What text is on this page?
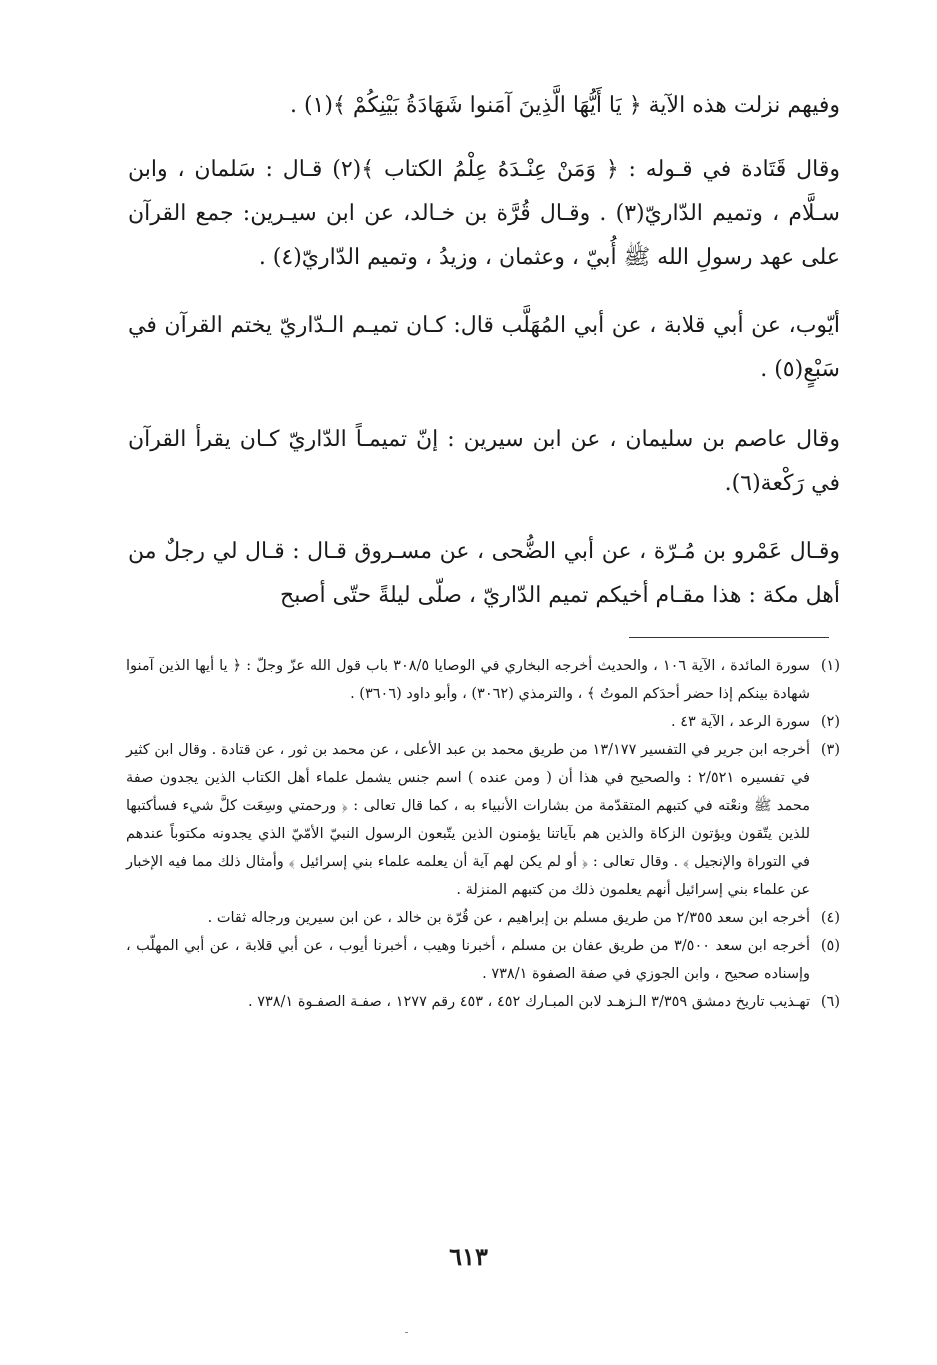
وفيهم نزلت هذه الآية ﴿ يَا أَيُّهَا الَّذِينَ آمَنوا شَهَادَةُ بَيْنِكُمْ ﴾(١) .

وقال قَتَادة في قـوله : ﴿ وَمَنْ عِنْـدَهُ عِلْمُ الكتاب ﴾(٢) قـال : سَلمان ، وابن سـلَّام ، وتميم الدّاريّ(٣) . وقـال قُرَّة بن خـالد، عن ابن سيـرين: جمع القرآن على عهد رسولِ الله ﷺ أُبيّ ، وعثمان ، وزيدُ ، وتميم الدّاريّ(٤) .

أيّوب، عن أبي قلابة ، عن أبي المُهَلَّب قال: كـان تميـم الـدّاريّ يختم القرآن في سَبْعٍ(٥) .

وقال عاصم بن سليمان ، عن ابن سيرين : إنّ تميمـاً الدّاريّ كـان يقرأ القرآن في رَكْعة(٦).

وقـال عَمْرو بن مُـرّة ، عن أبي الضُّحى ، عن مسـروق قـال : قـال لي رجلٌ من أهل مكة : هذا مقـام أخيكم تميم الدّاريّ ، صلّى ليلةً حتّى أصبح

(١)
سورة المائدة ، الآية ١٠٦ ، والحديث أخرجه البخاري في الوصايا ٣٠٨/٥ باب قول الله عزّ وجلّ : ﴿ يا أيها الذين آمنوا شهادة بينكم إذا حضر أحدَكم الموتُ ﴾ ، والترمذي (٣٠٦٢) ، وأبو داود (٣٦٠٦) .

(٢)
سورة الرعد ، الآية ٤٣ .

(٣)
أخرجه ابن جرير في التفسير ١٣/١٧٧ من طريق محمد بن عبد الأعلى ، عن محمد بن ثور ، عن قتادة . وقال ابن كثير في تفسيره ٢/٥٢١ : والصحيح في هذا أن ( ومن عنده ) اسم جنس يشمل علماء أهل الكتاب الذين يجدون صفة محمد ﷺ ونعْته في كتبهم المتقدّمة من بشارات الأنبياء به ، كما قال تعالى : ﴿ ورحمتي وسِعَت كلَّ شيء فسأكتبها للذين يتّقون ويؤتون الزكاة والذين هم بآياتنا يؤمنون الذين يتّبعون الرسول النبيّ الأمّيّ الذي يجدونه مكتوباً عندهم في التوراة والإنجيل ﴾ . وقال تعالى : ﴿ أو لم يكن لهم آية أن يعلمه علماء بني إسرائيل ﴾ وأمثال ذلك مما فيه الإخبار عن علماء بني إسرائيل أنهم يعلمون ذلك من كتبهم المنزلة .

(٤)
أخرجه ابن سعد ٢/٣٥٥ من طريق مسلم بن إبراهيم ، عن قُرّة بن خالد ، عن ابن سيرين ورجاله ثقات .

(٥)
أخرجه ابن سعد ٣/٥٠٠ من طريق عفان بن مسلم ، أخبرنا وهيب ، أخبرنا أيوب ، عن أبي قلابة ، عن أبي المهلّب ، وإسناده صحيح ، وابن الجوزي في صفة الصفوة ٧٣٨/١ .

(٦)
تهـذيب تاريخ دمشق ٣/٣٥٩ الـزهـد لابن المبـارك ٤٥٢ ، ٤٥٣ رقم ١٢٧٧ ، صفـة الصفـوة ٧٣٨/١ .

٦١٣
